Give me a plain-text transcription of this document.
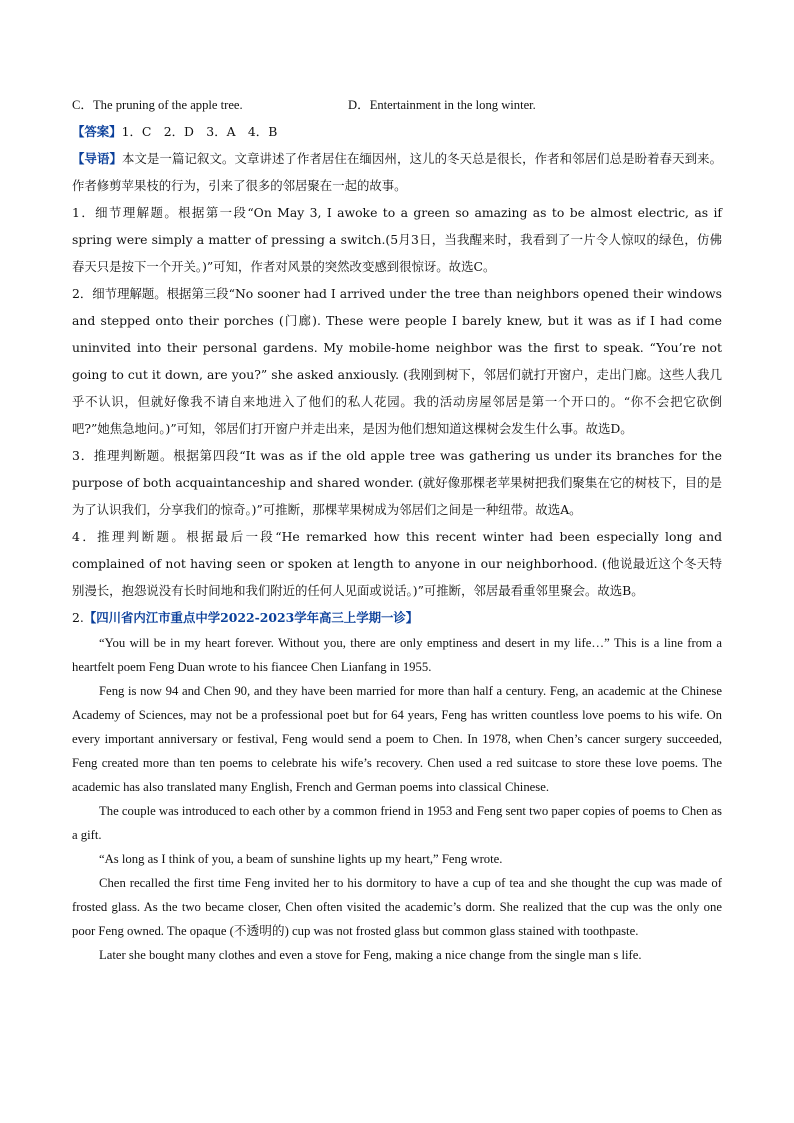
C．The pruning of the apple tree.	D．Entertainment in the long winter.
【答案】1．C　2．D　3．A　4．B
【导语】本文是一篇记叙文。文章讲述了作者居住在缅因州，这儿的冬天总是很长，作者和邻居们总是盼着春天到来。作者修剪苹果枝的行为，引来了很多的邻居聚在一起的故事。
1．细节理解题。根据第一段“On May 3, I awoke to a green so amazing as to be almost electric, as if spring were simply a matter of pressing a switch.(5月3日，当我醒来时，我看到了一片令人惊叹的绿色，仿佛春天只是按下一个开关。)”可知，作者对风景的突然改变感到很惊讶。故选C。
2．细节理解题。根据第三段“No sooner had I arrived under the tree than neighbors opened their windows and stepped onto their porches (门廊). These were people I barely knew, but it was as if I had come uninvited into their personal gardens. My mobile-home neighbor was the first to speak. “You’re not going to cut it down, are you?” she asked anxiously. (我刚到树下，邻居们就打开窗户，走出门廊。这些人我几乎不认识，但就好像我不请自来地进入了他们的私人花园。我的活动房屋邻居是第一个开口的。“你不会把它砍倒吧?”她焦急地问。)”可知，邻居们打开窗户并走出来，是因为他们想知道这棵树会发生什么事。故选D。
3．推理判断题。根据第四段“It was as if the old apple tree was gathering us under its branches for the purpose of both acquaintanceship and shared wonder. (就好像那棵老苹果树把我们聚集在它的树枝下，目的是为了认识我们，分享我们的惊奇。)”可推断，那棵苹果树成为邻居们之间是一种纽带。故选A。
4．推理判断题。根据最后一段“He remarked how this recent winter had been especially long and complained of not having seen or spoken at length to anyone in our neighborhood. (他说最近这个冬天特别漫长，抱怨说没有长时间地和我们附近的任何人见面或说话。)”可推断，邻居最看重邻里聚会。故选B。
2.【四川省内江市重点中学2022-2023学年高三上学期一诊】
“You will be in my heart forever. Without you, there are only emptiness and desert in my life…” This is a line from a heartfelt poem Feng Duan wrote to his fiancee Chen Lianfang in 1955.
Feng is now 94 and Chen 90, and they have been married for more than half a century. Feng, an academic at the Chinese Academy of Sciences, may not be a professional poet but for 64 years, Feng has written countless love poems to his wife. On every important anniversary or festival, Feng would send a poem to Chen. In 1978, when Chen’s cancer surgery succeeded, Feng created more than ten poems to celebrate his wife’s recovery. Chen used a red suitcase to store these love poems. The academic has also translated many English, French and German poems into classical Chinese.
The couple was introduced to each other by a common friend in 1953 and Feng sent two paper copies of poems to Chen as a gift.
“As long as I think of you, a beam of sunshine lights up my heart,” Feng wrote.
Chen recalled the first time Feng invited her to his dormitory to have a cup of tea and she thought the cup was made of frosted glass. As the two became closer, Chen often visited the academic’s dorm. She realized that the cup was the only one poor Feng owned. The opaque (不透明的) cup was not frosted glass but common glass stained with toothpaste.
Later she bought many clothes and even a stove for Feng, making a nice change from the single man s life.
